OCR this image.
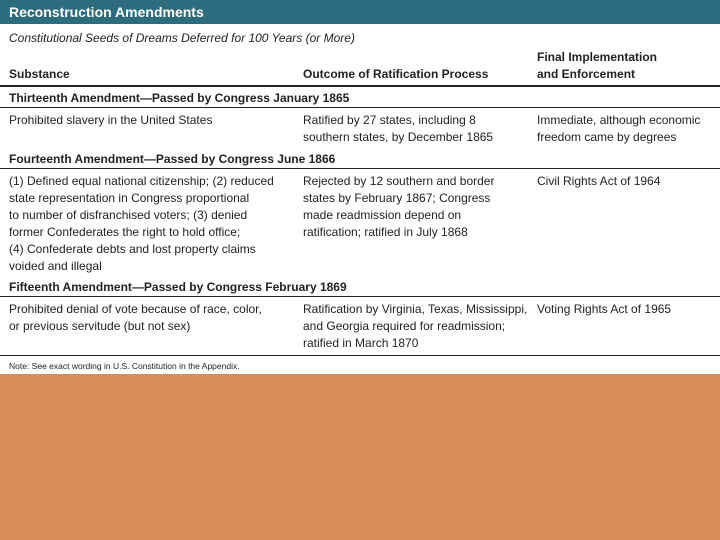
Reconstruction Amendments
Constitutional Seeds of Dreams Deferred for 100 Years (or More)
Substance	Outcome of Ratification Process
Final Implementation
and Enforcement
Thirteenth Amendment—Passed by Congress January 1865
Prohibited slavery in the United States	Ratified by 27 states, including 8
southern states, by December 1865
Immediate, although economic
freedom came by degrees
Fourteenth Amendment—Passed by Congress June 1866
(1) Defined equal national citizenship; (2) reduced
state representation in Congress proportional
to number of disfranchised voters; (3) denied
former Confederates the right to hold office;
(4) Confederate debts and lost property claims
voided and illegal
Rejected by 12 southern and border
states by February 1867; Congress
made readmission depend on
ratification; ratified in July 1868
Civil Rights Act of 1964
Fifteenth Amendment—Passed by Congress February 1869
Prohibited denial of vote because of race, color,
or previous servitude (but not sex)
Ratification by Virginia, Texas, Mississippi,
and Georgia required for readmission;
ratified in March 1870
Voting Rights Act of 1965
Note: See exact wording in U.S. Constitution in the Appendix.
